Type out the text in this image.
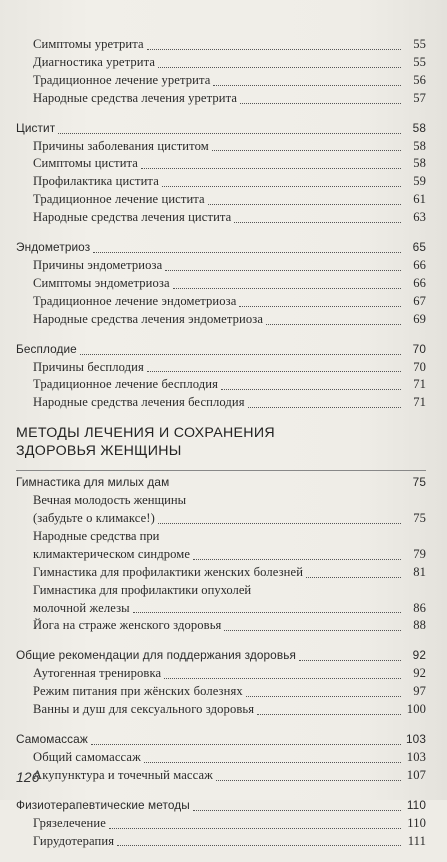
Симптомы уретрита	55
Диагностика уретрита	55
Традиционное лечение уретрита	56
Народные средства лечения уретрита	57
Цистит	58
Причины заболевания циститом	58
Симптомы цистита	58
Профилактика цистита	59
Традиционное лечение цистита	61
Народные средства лечения цистита	63
Эндометриоз	65
Причины эндометриоза	66
Симптомы эндометриоза	66
Традиционное лечение эндометриоза	67
Народные средства лечения эндометриоза	69
Бесплодие	70
Причины бесплодия	70
Традиционное лечение бесплодия	71
Народные средства лечения бесплодия	71
МЕТОДЫ ЛЕЧЕНИЯ И СОХРАНЕНИЯ
ЗДОРОВЬЯ ЖЕНЩИНЫ
Гимнастика для милых дам	75
Вечная молодость женщины
(забудьте о климаксе!)	75
Народные средства при
климактерическом синдроме	79
Гимнастика для профилактики женских болезней	81
Гимнастика для профилактики опухолей
молочной железы	86
Йога на страже женского здоровья	88
Общие рекомендации для поддержания здоровья	92
Аутогенная тренировка	92
Режим питания при жёнских болезнях	97
Ванны и душ для сексуального здоровья	100
Самомассаж	103
Общий самомассаж	103
Акупунктура и точечный массаж	107
Физиотерапевтические методы	110
Грязелечение	110
Гирудотерапия	111
126
